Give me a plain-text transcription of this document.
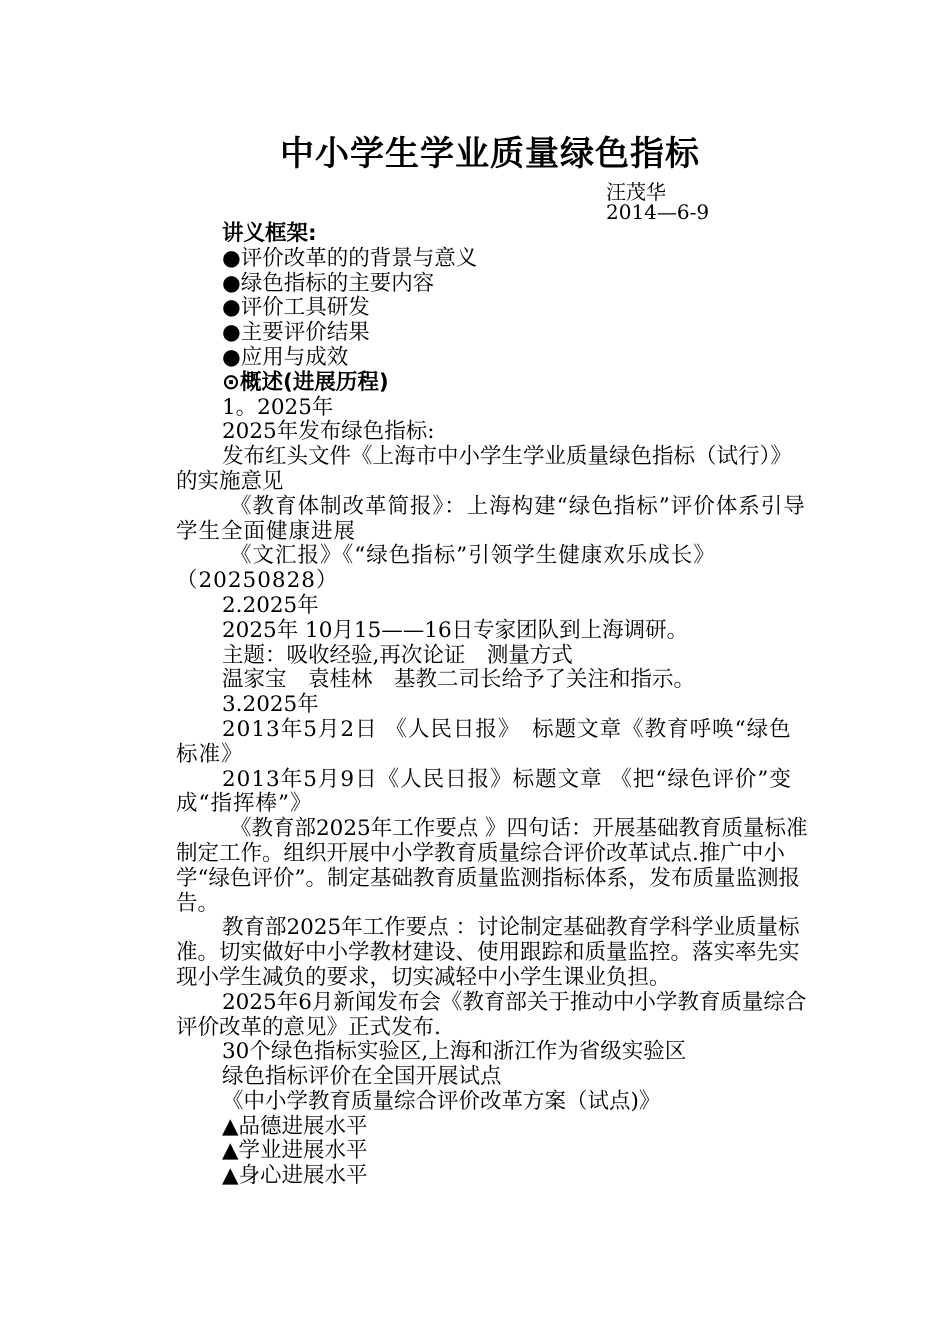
中小学生学业质量绿色指标
汪茂华
2014—6-9

讲义框架:

●评价改革的的背景与意义

●绿色指标的主要内容

●评价工具研发

●主要评价结果

●应用与成效

⊙概述(进展历程)

1。2025年

2025年发布绿色指标:

发布红头文件《上海市中小学生学业质量绿色指标（试行）》的实施意见

《教育体制改革简报》：上海构建“绿色指标”评价体系引导学生全面健康进展

《文汇报》《“绿色指标”引领学生健康欢乐成长》（20250828）

2.2025年

2025年 10月15——16日专家团队到上海调研。

主题：吸收经验,再次论证　测量方式

温家宝　袁桂林　基教二司长给予了关注和指示。

3.2025年

2013年5月2日 《人民日报》　标题文章《教育呼唤“绿色标准》

2013年5月9日《人民日报》标题文章 《把“绿色评价”变成“指挥棒”》

《教育部2025年工作要点 》四句话：开展基础教育质量标准制定工作。组织开展中小学教育质量综合评价改革试点.推广中小学“绿色评价”。制定基础教育质量监测指标体系，发布质量监测报告。

教育部2025年工作要点 ：讨论制定基础教育学科学业质量标准。切实做好中小学教材建设、使用跟踪和质量监控。落实率先实现小学生减负的要求，切实减轻中小学生课业负担。

2025年6月新闻发布会《教育部关于推动中小学教育质量综合评价改革的意见》正式发布.

30个绿色指标实验区,上海和浙江作为省级实验区

绿色指标评价在全国开展试点

《中小学教育质量综合评价改革方案（试点)》

▲品德进展水平

▲学业进展水平

▲身心进展水平
